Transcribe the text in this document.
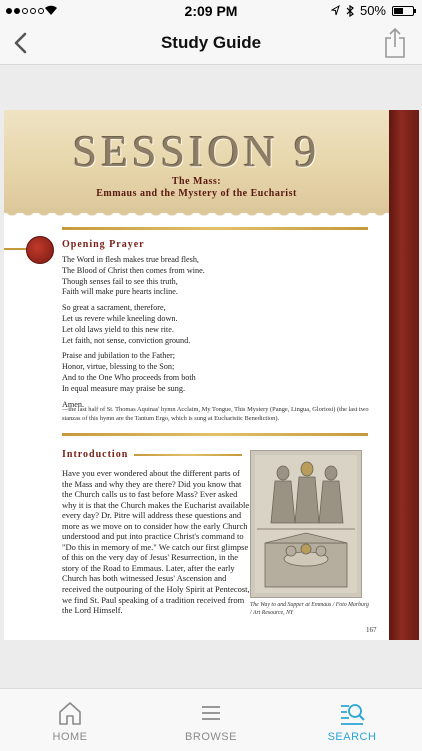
2:09 PM	50%
Study Guide
SESSION 9
The Mass:
Emmaus and the Mystery of the Eucharist
Opening Prayer
The Word in flesh makes true bread flesh,
The Blood of Christ then comes from wine.
Though senses fail to see this truth,
Faith will make pure hearts incline.
So great a sacrament, therefore,
Let us revere while kneeling down.
Let old laws yield to this new rite.
Let faith, not sense, conviction ground.
Praise and jubilation to the Father;
Honor, virtue, blessing to the Son;
And to the One Who proceeds from both
In equal measure may praise be sung.
Amen.
—the last half of St. Thomas Aquinas' hymn Acclaim, My Tongue, This Mystery (Pange, Lingua, Gloriosi) (the last two stanzas of this hymn are the Tantum Ergo, which is sung at Eucharistic Benediction).
Introduction
Have you ever wondered about the different parts of the Mass and why they are there? Did you know that the Church calls us to fast before Mass? Ever asked why it is that the Church makes the Eucharist available every day? Dr. Pitre will address these questions and more as we move on to consider how the early Church understood and put into practice Christ's command to "Do this in memory of me." We catch our first glimpse of this on the very day of Jesus' Resurrection, in the story of the Road to Emmaus. Later, after the early Church has both witnessed Jesus' Ascension and received the outpouring of the Holy Spirit at Pentecost, we find St. Paul speaking of a tradition received from the Lord Himself.
The Way to and Supper at Emmaus / Foto Marburg / Art Resource, NY
167
HOME	BROWSE	SEARCH
